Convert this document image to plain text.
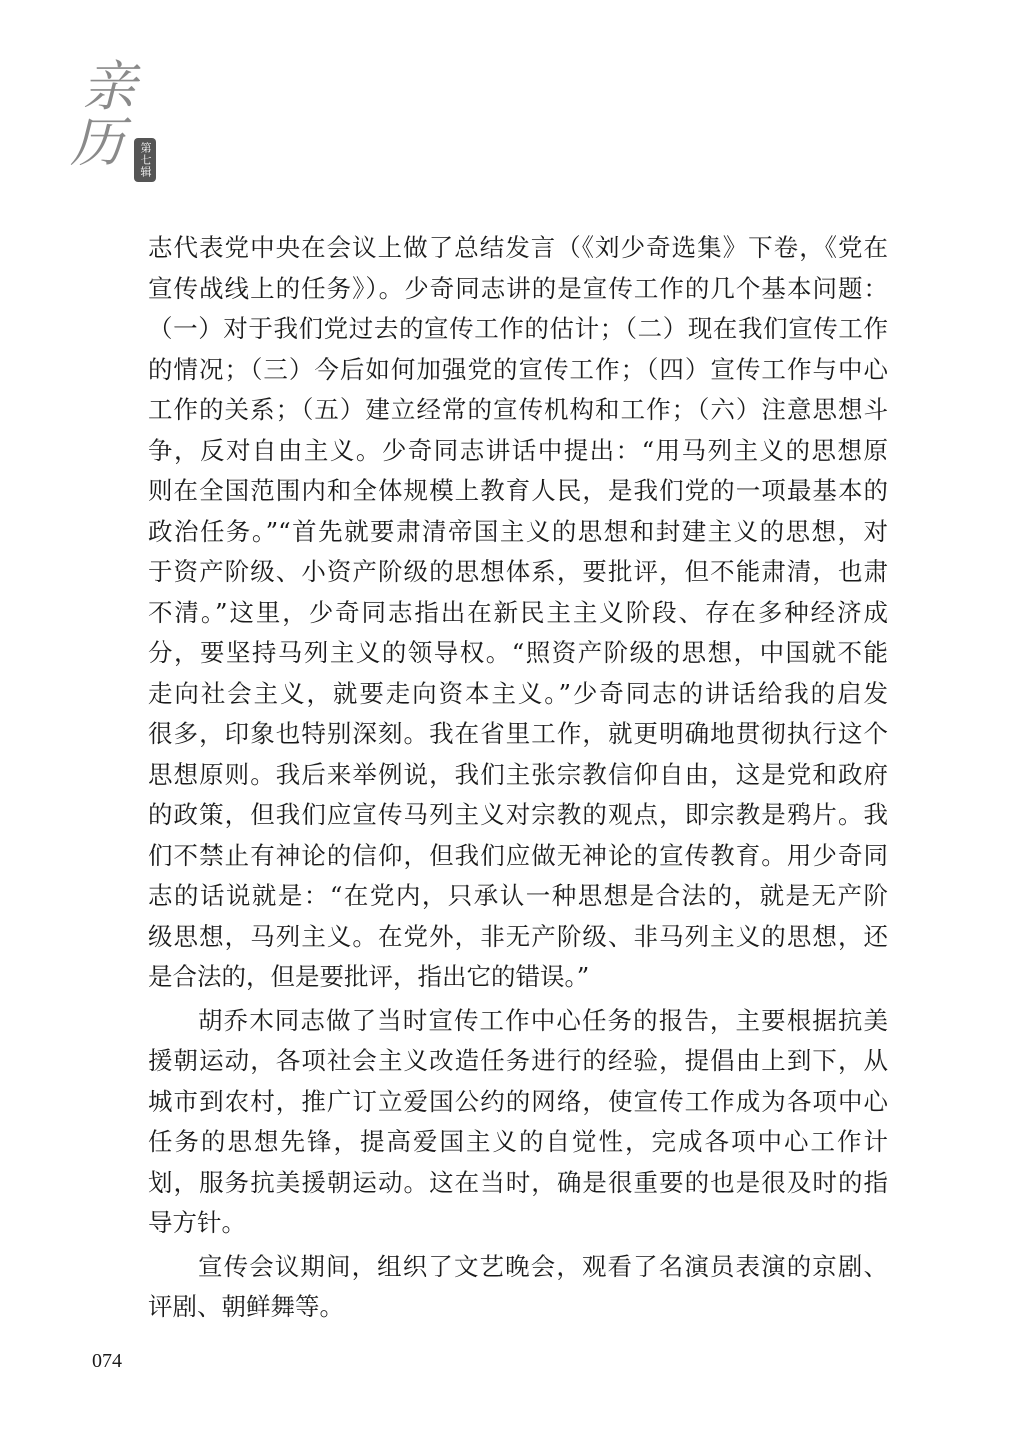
亲
历	第七辑
志代表党中央在会议上做了总结发言（《刘少奇选集》下卷，《党在
宣传战线上的任务》）。少奇同志讲的是宣传工作的几个基本问题：
（一）对于我们党过去的宣传工作的估计；（二）现在我们宣传工作
的情况；（三）今后如何加强党的宣传工作；（四）宣传工作与中心
工作的关系；（五）建立经常的宣传机构和工作；（六）注意思想斗
争，反对自由主义。少奇同志讲话中提出：“用马列主义的思想原
则在全国范围内和全体规模上教育人民，是我们党的一项最基本的
政治任务。”“首先就要肃清帝国主义的思想和封建主义的思想，对
于资产阶级、小资产阶级的思想体系，要批评，但不能肃清，也肃
不清。”这里，少奇同志指出在新民主主义阶段、存在多种经济成
分，要坚持马列主义的领导权。“照资产阶级的思想，中国就不能
走向社会主义，就要走向资本主义。”少奇同志的讲话给我的启发
很多，印象也特别深刻。我在省里工作，就更明确地贯彻执行这个
思想原则。我后来举例说，我们主张宗教信仰自由，这是党和政府
的政策，但我们应宣传马列主义对宗教的观点，即宗教是鸦片。我
们不禁止有神论的信仰，但我们应做无神论的宣传教育。用少奇同
志的话说就是：“在党内，只承认一种思想是合法的，就是无产阶
级思想，马列主义。在党外，非无产阶级、非马列主义的思想，还
是合法的，但是要批评，指出它的错误。”
胡乔木同志做了当时宣传工作中心任务的报告，主要根据抗美
援朝运动，各项社会主义改造任务进行的经验，提倡由上到下，从
城市到农村，推广订立爱国公约的网络，使宣传工作成为各项中心
任务的思想先锋，提高爱国主义的自觉性，完成各项中心工作计
划，服务抗美援朝运动。这在当时，确是很重要的也是很及时的指
导方针。
宣传会议期间，组织了文艺晚会，观看了名演员表演的京剧、
评剧、朝鲜舞等。
074
